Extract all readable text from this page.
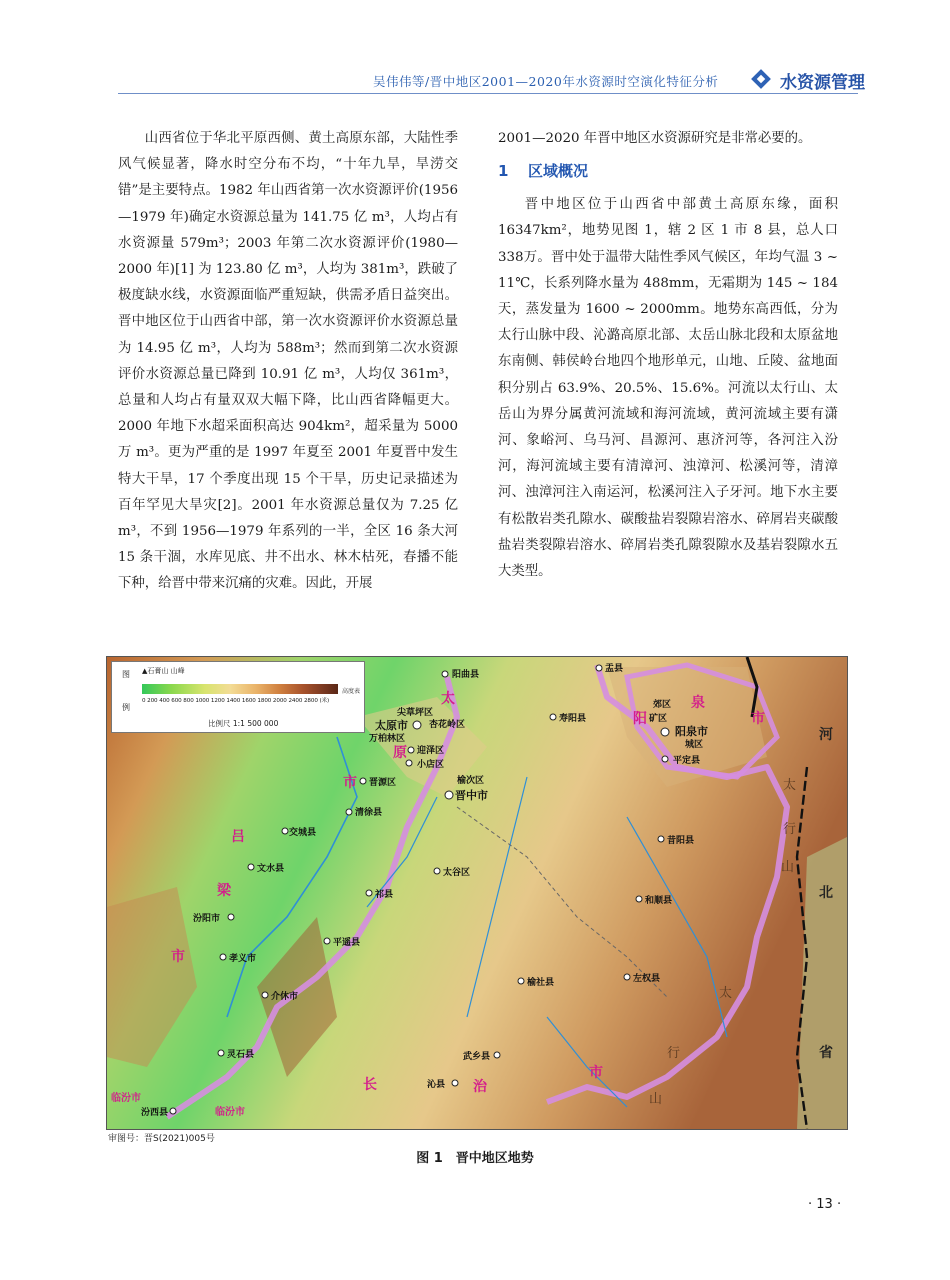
吴伟伟等/晋中地区2001—2020年水资源时空演化特征分析	水资源管理

山西省位于华北平原西侧、黄土高原东部，大陆性季风气候显著，降水时空分布不均，“十年九旱，旱涝交错”是主要特点。1982 年山西省第一次水资源评价(1956—1979 年)确定水资源总量为 141.75 亿 m³，人均占有水资源量 579m³；2003 年第二次水资源评价(1980—2000 年)[1] 为 123.80 亿 m³，人均为 381m³，跌破了极度缺水线，水资源面临严重短缺，供需矛盾日益突出。晋中地区位于山西省中部，第一次水资源评价水资源总量为 14.95 亿 m³，人均为 588m³；然而到第二次水资源评价水资源总量已降到 10.91 亿 m³，人均仅 361m³，总量和人均占有量双双大幅下降，比山西省降幅更大。2000 年地下水超采面积高达 904km²，超采量为 5000 万 m³。更为严重的是 1997 年夏至 2001 年夏晋中发生特大干旱，17 个季度出现 15 个干旱，历史记录描述为百年罕见大旱灾[2]。2001 年水资源总量仅为 7.25 亿 m³，不到 1956—1979 年系列的一半，全区 16 条大河 15 条干涸，水库见底、井不出水、林木枯死，春播不能下种，给晋中带来沉痛的灾难。因此，开展

2001—2020 年晋中地区水资源研究是非常必要的。

1 区域概况

晋中地区位于山西省中部黄土高原东缘，面积16347km²，地势见图 1，辖 2 区 1 市 8 县，总人口 338万。晋中处于温带大陆性季风气候区，年均气温 3 ~ 11℃，长系列降水量为 488mm，无霜期为 145 ~ 184 天，蒸发量为 1600 ~ 2000mm。地势东高西低，分为太行山脉中段、沁潞高原北部、太岳山脉北段和太原盆地东南侧、韩侯岭台地四个地形单元，山地、丘陵、盆地面积分别占 63.9%、20.5%、15.6%。河流以太行山、太岳山为界分属黄河流域和海河流域，黄河流域主要有潇河、象峪河、乌马河、昌源河、惠济河等，各河注入汾河，海河流域主要有清漳河、浊漳河、松溪河等，清漳河、浊漳河注入南运河，松溪河注入子牙河。地下水主要有松散岩类孔隙水、碳酸盐岩裂隙岩溶水、碎屑岩夹碳酸盐岩类裂隙岩溶水、碎屑岩类孔隙裂隙水及基岩裂隙水五大类型。

阳曲县
盂县
尖草坪区
太原市 杏花岭区
万柏林区
迎泽区
小店区
晋源区
清徐县
榆次区
晋中市
寿阳县
郊区
矿区
阳泉市
城区
平定县
昔阳县
交城县
文水县	太谷区
祁县
和顺县
汾阳市
平遥县
孝义市
介休市
榆社县	左权县
灵石县	武乡县
沁县
汾西县
太
原
市
阳
泉
市
吕
梁
市
长	治
市
临汾市
临汾市
河
北
省
太
行
山
太
行
山
图 ▲石膏山 山峰
高度表
0 200 400 600 800 1000 1200 1400 1600 1800 2000 2400 2800 (米)
例
比例尺 1:1 500 000
审图号：晋S(2021)005号
图 1　晋中地区地势
· 13 ·
